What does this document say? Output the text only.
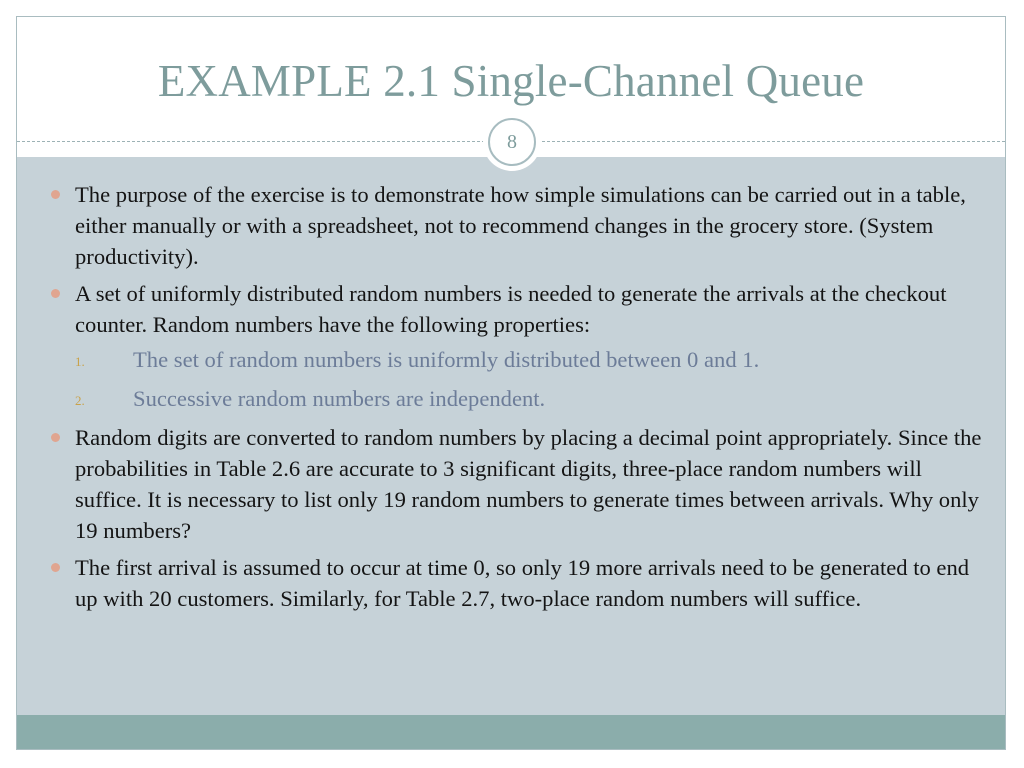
EXAMPLE 2.1 Single-Channel Queue
8
The purpose of the exercise is to demonstrate how simple simulations can be carried out in a table, either manually or with a spreadsheet, not to recommend changes in the grocery store. (System productivity).
A set of uniformly distributed random numbers is needed to generate the arrivals at the checkout counter. Random numbers have the following properties:
1. The set of random numbers is uniformly distributed between 0 and 1.
2. Successive random numbers are independent.
Random digits are converted to random numbers by placing a decimal point appropriately. Since the probabilities in Table 2.6 are accurate to 3 significant digits, three-place random numbers will suffice. It is necessary to list only 19 random numbers to generate times between arrivals. Why only 19 numbers?
The first arrival is assumed to occur at time 0, so only 19 more arrivals need to be generated to end up with 20 customers. Similarly, for Table 2.7, two-place random numbers will suffice.
